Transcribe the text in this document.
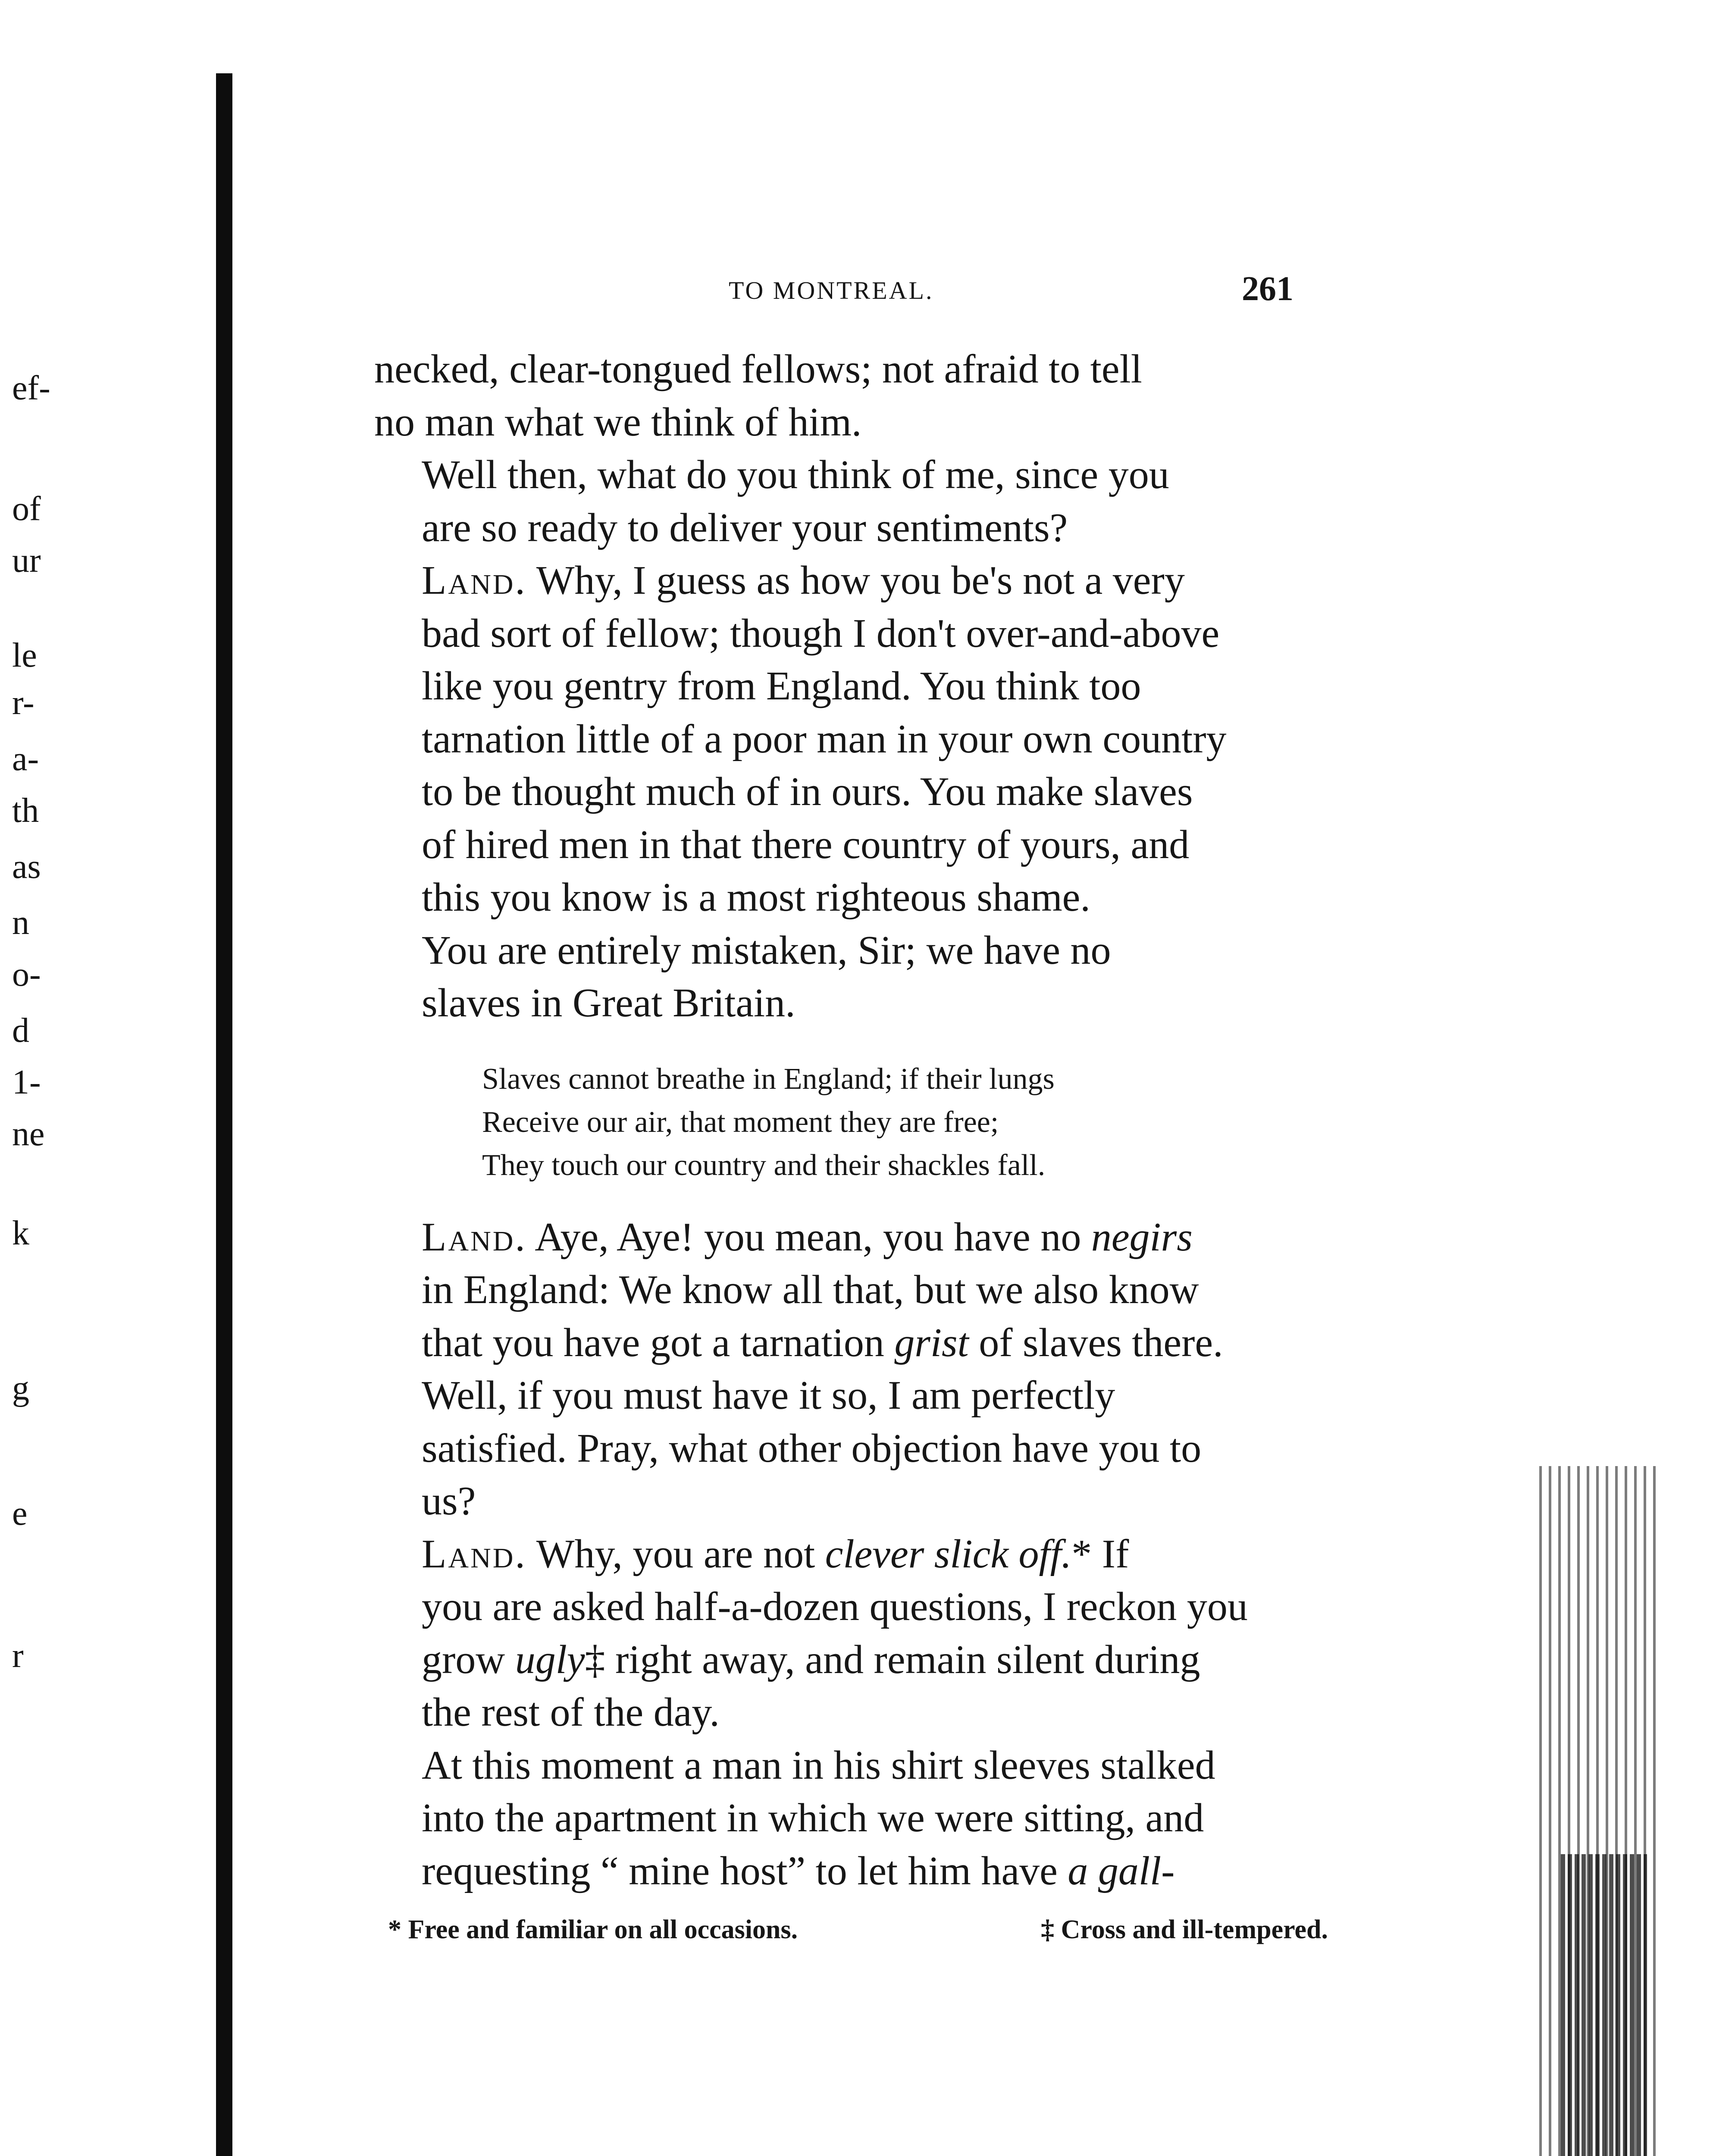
ef-
of
ur
le
r-
a-
th
as
n
o-
d
1-
ne
k
g
e
r
TO MONTREAL.	261

necked, clear-tongued fellows; not afraid to tell
no man what we think of him.

Well then, what do you think of me, since you
are so ready to deliver your sentiments?

Land. Why, I guess as how you be's not a very
bad sort of fellow; though I don't over-and-above
like you gentry from England. You think too
tarnation little of a poor man in your own country
to be thought much of in ours. You make slaves
of hired men in that there country of yours, and
this you know is a most righteous shame.

You are entirely mistaken, Sir; we have no
slaves in Great Britain.

Slaves cannot breathe in England; if their lungs
Receive our air, that moment they are free;
They touch our country and their shackles fall.

Land. Aye, Aye! you mean, you have no negirs
in England: We know all that, but we also know
that you have got a tarnation grist of slaves there.

Well, if you must have it so, I am perfectly
satisfied. Pray, what other objection have you to
us?

Land. Why, you are not clever slick off.* If
you are asked half-a-dozen questions, I reckon you
grow ugly‡ right away, and remain silent during
the rest of the day.

At this moment a man in his shirt sleeves stalked
into the apartment in which we were sitting, and
requesting “ mine host” to let him have a gall-

* Free and familiar on all occasions.	‡ Cross and ill-tempered.
